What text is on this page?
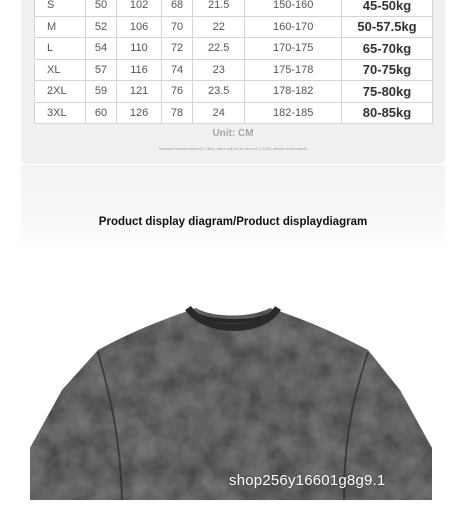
S	50	102	68	21.5	150-160	45-50kg
M	52	106	70	22	160-170	50-57.5kg
L	54	110	72	22.5	170-175	65-70kg
XL	57	116	74	23	175-178	70-75kg
2XL	59	121	76	23.5	178-182	75-80kg
3XL	60	126	78	24	182-185	80-85kg
Unit: CM
Manual measurement of 1-3cm, there will be an error of 1-3CM, please understand!
Product display diagram/Product displaydiagram
shop256y16601g8g9.1
